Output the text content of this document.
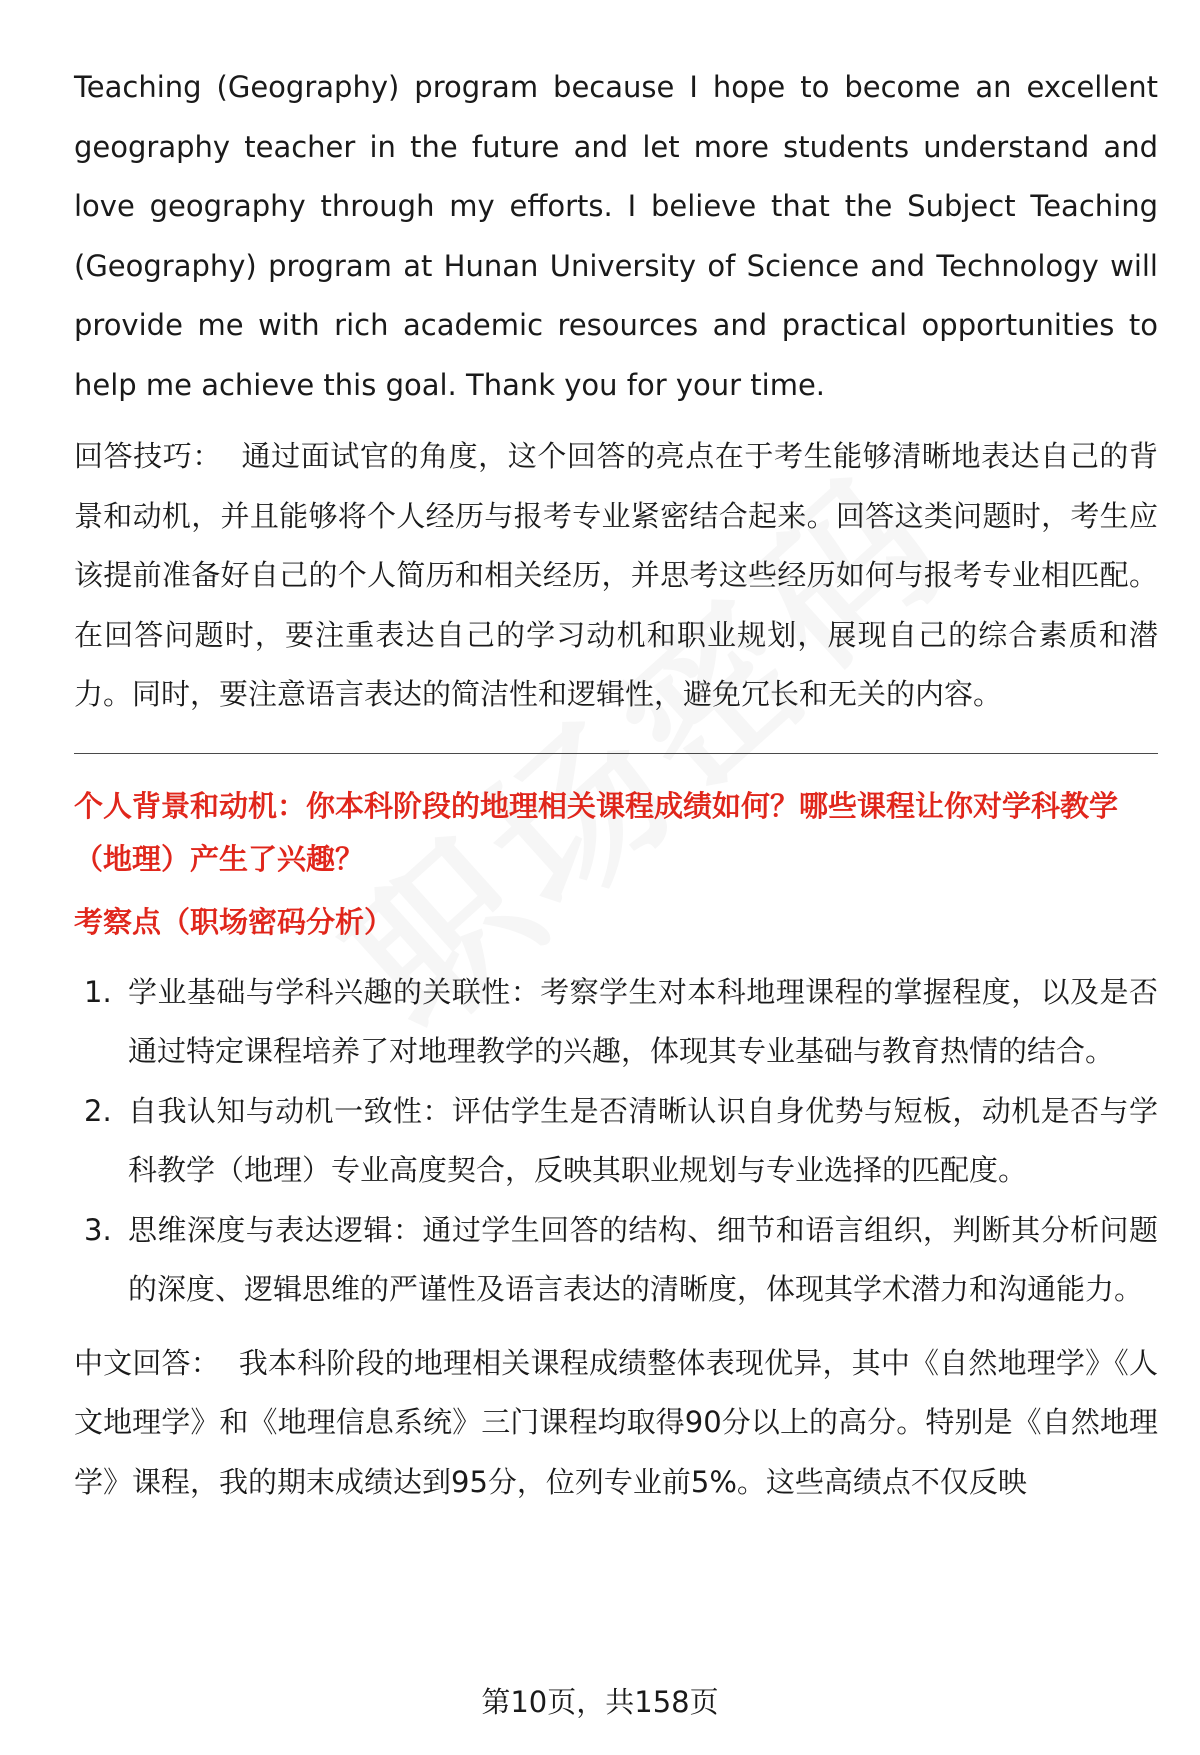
Teaching (Geography) program because I hope to become an excellent geography teacher in the future and let more students understand and love geography through my efforts. I believe that the Subject Teaching (Geography) program at Hunan University of Science and Technology will provide me with rich academic resources and practical opportunities to help me achieve this goal. Thank you for your time.

回答技巧： 通过面试官的角度，这个回答的亮点在于考生能够清晰地表达自己的背景和动机，并且能够将个人经历与报考专业紧密结合起来。回答这类问题时，考生应该提前准备好自己的个人简历和相关经历，并思考这些经历如何与报考专业相匹配。在回答问题时，要注重表达自己的学习动机和职业规划，展现自己的综合素质和潜力。同时，要注意语言表达的简洁性和逻辑性，避免冗长和无关的内容。

个人背景和动机：你本科阶段的地理相关课程成绩如何？哪些课程让你对学科教学（地理）产生了兴趣？

考察点（职场密码分析）

1. 学业基础与学科兴趣的关联性：考察学生对本科地理课程的掌握程度，以及是否通过特定课程培养了对地理教学的兴趣，体现其专业基础与教育热情的结合。
2. 自我认知与动机一致性：评估学生是否清晰认识自身优势与短板，动机是否与学科教学（地理）专业高度契合，反映其职业规划与专业选择的匹配度。
3. 思维深度与表达逻辑：通过学生回答的结构、细节和语言组织，判断其分析问题的深度、逻辑思维的严谨性及语言表达的清晰度，体现其学术潜力和沟通能力。

中文回答： 我本科阶段的地理相关课程成绩整体表现优异，其中《自然地理学》《人文地理学》和《地理信息系统》三门课程均取得90分以上的高分。特别是《自然地理学》课程，我的期末成绩达到95分，位列专业前5%。这些高绩点不仅反映

第10页，共158页
